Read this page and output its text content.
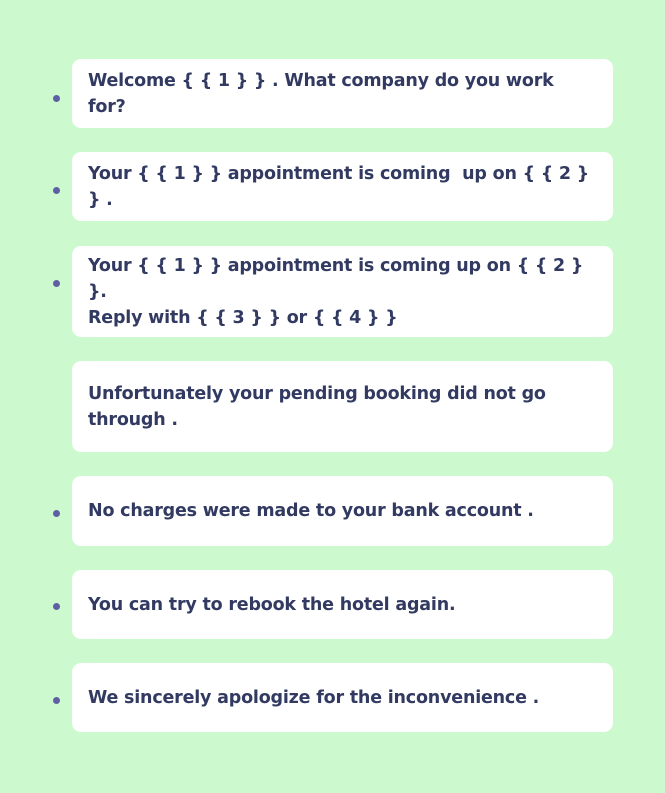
Welcome { { 1 } } . What company do you work for?
Your { { 1 } } appointment is coming  up on { { 2 } } .
Your { { 1 } } appointment is coming up on { { 2 } }.
Reply with { { 3 } } or { { 4 } }
Unfortunately your pending booking did not go
through .
No charges were made to your bank account .
You can try to rebook the hotel again.
We sincerely apologize for the inconvenience .
